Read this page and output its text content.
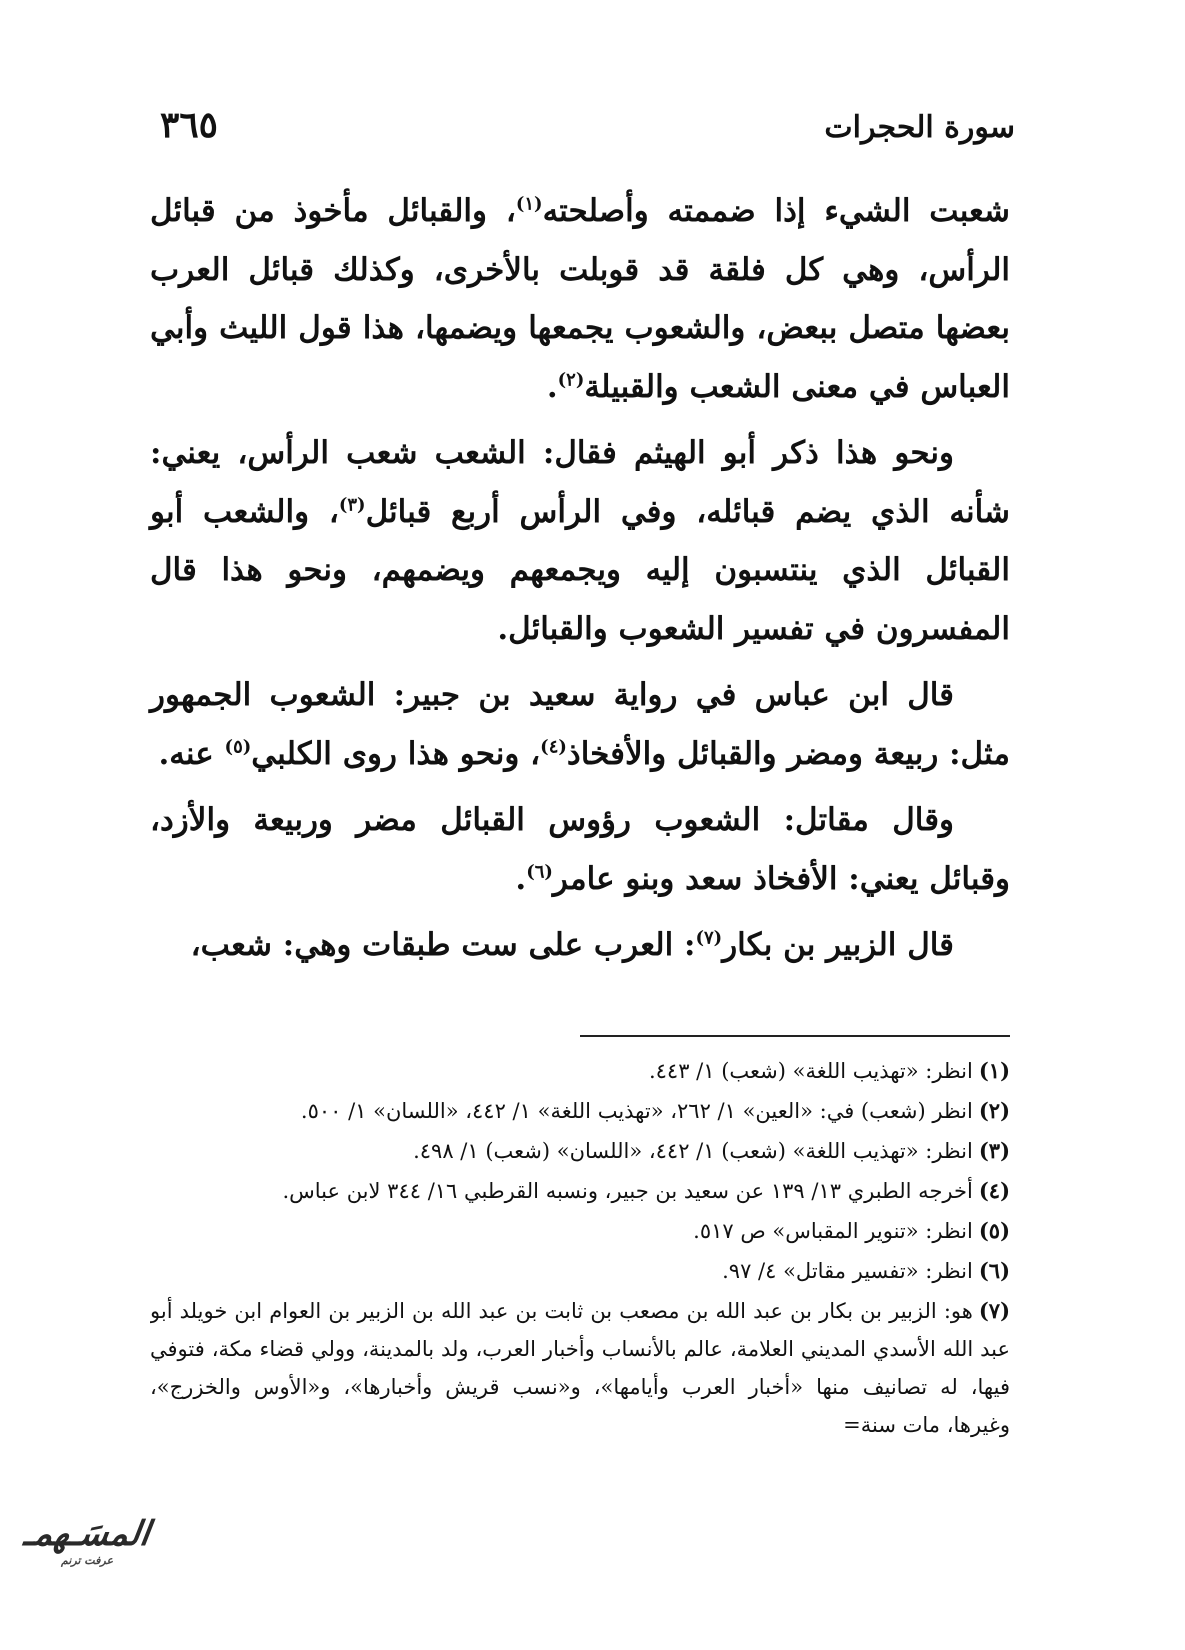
سورة الحجرات
٣٦٥

شعبت الشيء إذا ضممته وأصلحته$^{(١)}$، والقبائل مأخوذ من قبائل الرأس، وهي كل فلقة قد قوبلت بالأخرى، وكذلك قبائل العرب بعضها متصل ببعض، والشعوب يجمعها ويضمها، هذا قول الليث وأبي العباس في معنى الشعب والقبيلة$^{(٢)}$.

ونحو هذا ذكر أبو الهيثم فقال: الشعب شعب الرأس، يعني: شأنه الذي يضم قبائله، وفي الرأس أربع قبائل$^{(٣)}$، والشعب أبو القبائل الذي ينتسبون إليه ويجمعهم ويضمهم، ونحو هذا قال المفسرون في تفسير الشعوب والقبائل.

قال ابن عباس في رواية سعيد بن جبير: الشعوب الجمهور مثل: ربيعة ومضر والقبائل والأفخاذ$^{(٤)}$، ونحو هذا روى الكلبي$^{(٥)}$ عنه.

وقال مقاتل: الشعوب رؤوس القبائل مضر وربيعة والأزد، وقبائل يعني: الأفخاذ سعد وبنو عامر$^{(٦)}$.

قال الزبير بن بكار$^{(٧)}$: العرب على ست طبقات وهي: شعب،

(١)انظر: «تهذيب اللغة» (شعب) ١/ ٤٤٣.
(٢)انظر (شعب) في: «العين» ١/ ٢٦٢، «تهذيب اللغة» ١/ ٤٤٢، «اللسان» ١/ ٥٠٠.
(٣)انظر: «تهذيب اللغة» (شعب) ١/ ٤٤٢، «اللسان» (شعب) ١/ ٤٩٨.
(٤)أخرجه الطبري ١٣/ ١٣٩ عن سعيد بن جبير، ونسبه القرطبي ١٦/ ٣٤٤ لابن عباس.
(٥)انظر: «تنوير المقباس» ص ٥١٧.
(٦)انظر: «تفسير مقاتل» ٤/ ٩٧.
(٧)هو: الزبير بن بكار بن عبد الله بن مصعب بن ثابت بن عبد الله بن الزبير بن العوام ابن خويلد أبو عبد الله الأسدي المديني العلامة، عالم بالأنساب وأخبار العرب، ولد بالمدينة، وولي قضاء مكة، فتوفي فيها، له تصانيف منها «أخبار العرب وأيامها»، و«نسب قريش وأخبارها»، و«الأوس والخزرج»، وغيرها، مات سنة=
المسَـهمـ
عرفت ترنم
